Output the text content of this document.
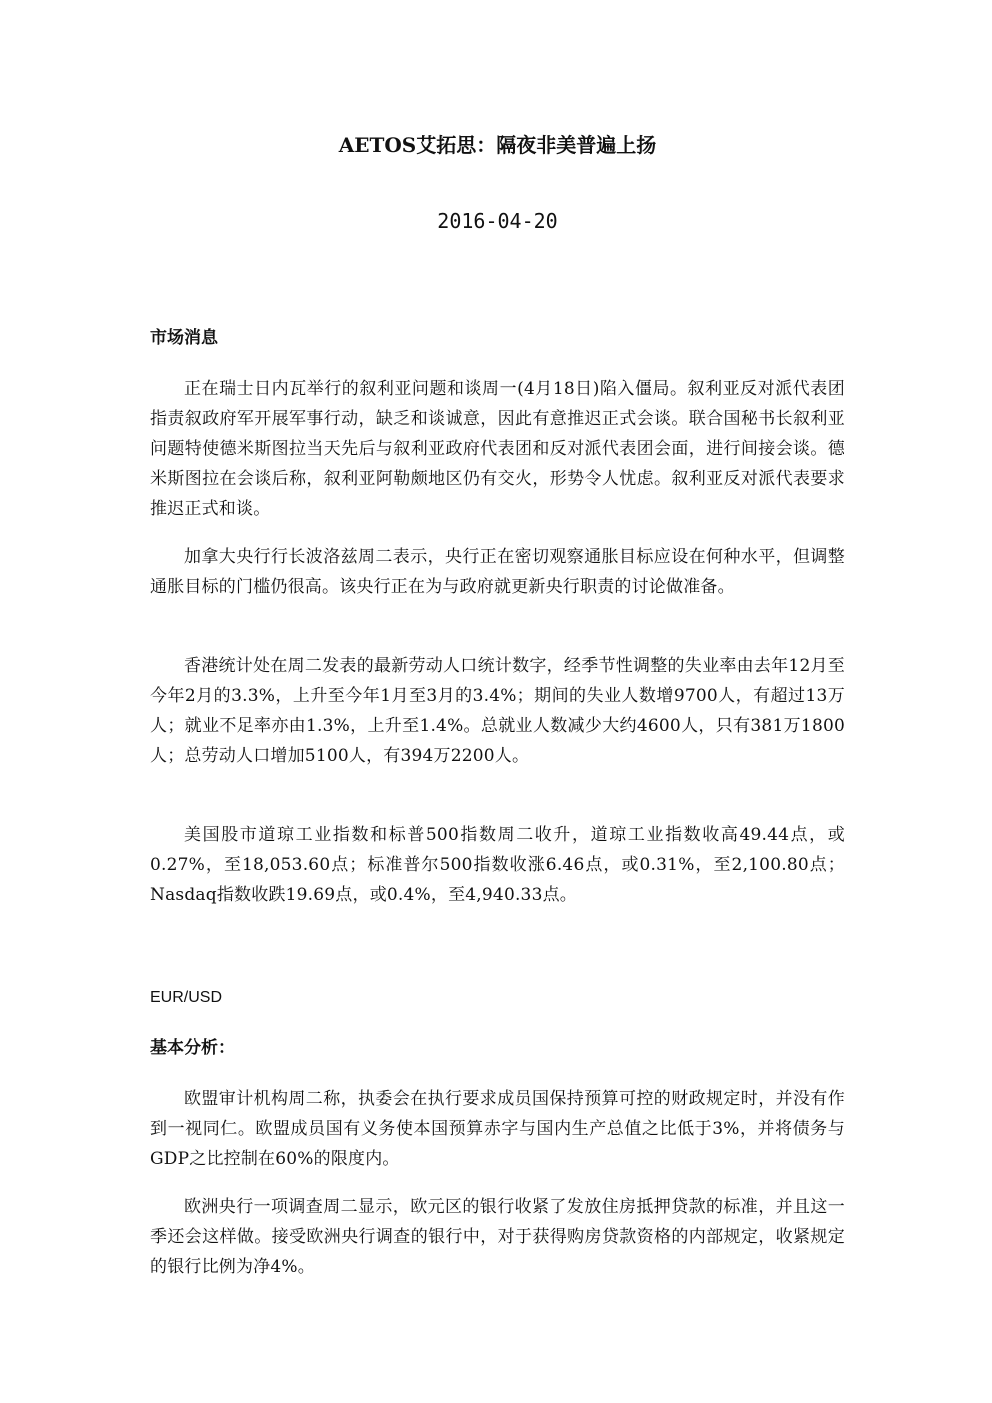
AETOS艾拓思：隔夜非美普遍上扬
2016-04-20
市场消息
正在瑞士日内瓦举行的叙利亚问题和谈周一(4月18日)陷入僵局。叙利亚反对派代表团指责叙政府军开展军事行动，缺乏和谈诚意，因此有意推迟正式会谈。联合国秘书长叙利亚问题特使德米斯图拉当天先后与叙利亚政府代表团和反对派代表团会面，进行间接会谈。德米斯图拉在会谈后称，叙利亚阿勒颇地区仍有交火，形势令人忧虑。叙利亚反对派代表要求推迟正式和谈。
加拿大央行行长波洛兹周二表示，央行正在密切观察通胀目标应设在何种水平，但调整通胀目标的门槛仍很高。该央行正在为与政府就更新央行职责的讨论做准备。
香港统计处在周二发表的最新劳动人口统计数字，经季节性调整的失业率由去年12月至今年2月的3.3%，上升至今年1月至3月的3.4%；期间的失业人数增9700人，有超过13万人；就业不足率亦由1.3%，上升至1.4%。总就业人数减少大约4600人，只有381万1800人；总劳动人口增加5100人，有394万2200人。
美国股市道琼工业指数和标普500指数周二收升，道琼工业指数收高49.44点，或0.27%，至18,053.60点；标准普尔500指数收涨6.46点，或0.31%，至2,100.80点；Nasdaq指数收跌19.69点，或0.4%，至4,940.33点。
EUR/USD
基本分析：
欧盟审计机构周二称，执委会在执行要求成员国保持预算可控的财政规定时，并没有作到一视同仁。欧盟成员国有义务使本国预算赤字与国内生产总值之比低于3%，并将债务与GDP之比控制在60%的限度内。
欧洲央行一项调查周二显示，欧元区的银行收紧了发放住房抵押贷款的标准，并且这一季还会这样做。接受欧洲央行调查的银行中，对于获得购房贷款资格的内部规定，收紧规定的银行比例为净4%。
